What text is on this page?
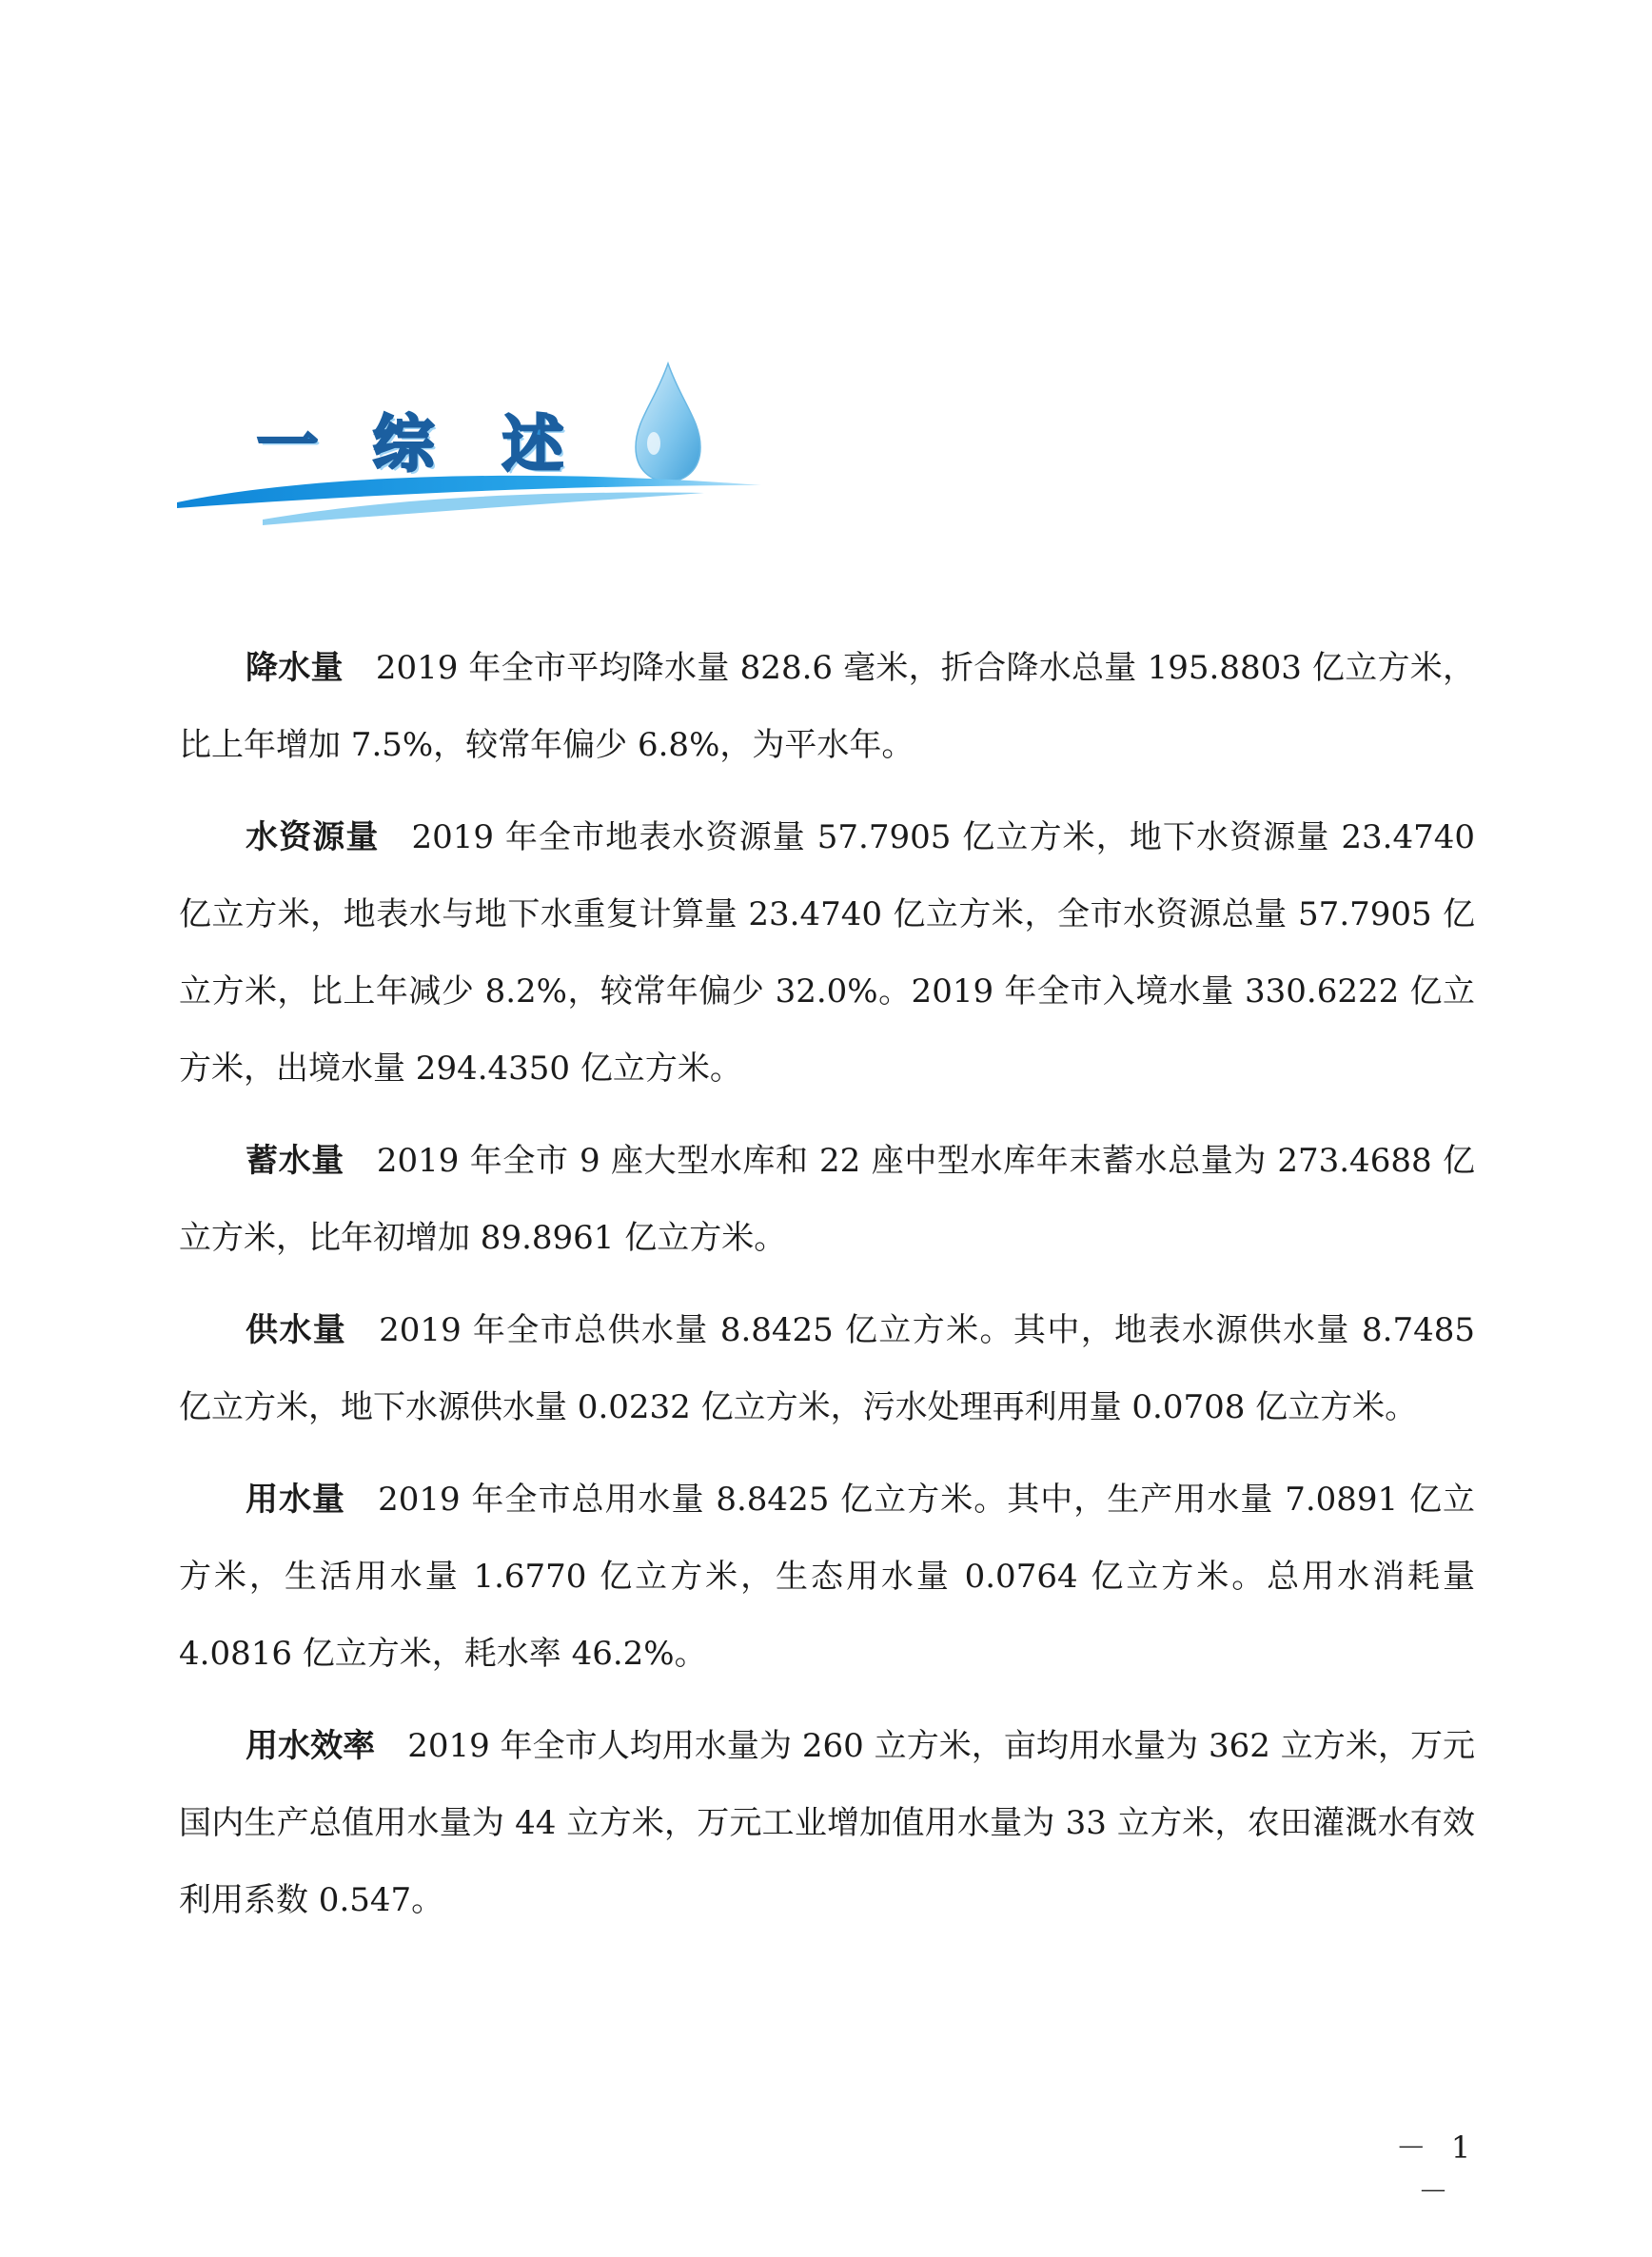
一 综 述

降水量 2019 年全市平均降水量 828.6 毫米，折合降水总量 195.8803 亿立方米，比上年增加 7.5%，较常年偏少 6.8%，为平水年。

水资源量 2019 年全市地表水资源量 57.7905 亿立方米，地下水资源量 23.4740 亿立方米，地表水与地下水重复计算量 23.4740 亿立方米，全市水资源总量 57.7905 亿立方米，比上年减少 8.2%，较常年偏少 32.0%。2019 年全市入境水量 330.6222 亿立方米，出境水量 294.4350 亿立方米。

蓄水量 2019 年全市 9 座大型水库和 22 座中型水库年末蓄水总量为 273.4688 亿立方米，比年初增加 89.8961 亿立方米。

供水量 2019 年全市总供水量 8.8425 亿立方米。其中，地表水源供水量 8.7485 亿立方米，地下水源供水量 0.0232 亿立方米，污水处理再利用量 0.0708 亿立方米。

用水量 2019 年全市总用水量 8.8425 亿立方米。其中，生产用水量 7.0891 亿立方米，生活用水量 1.6770 亿立方米，生态用水量 0.0764 亿立方米。总用水消耗量 4.0816 亿立方米，耗水率 46.2%。

用水效率 2019 年全市人均用水量为 260 立方米，亩均用水量为 362 立方米，万元国内生产总值用水量为 44 立方米，万元工业增加值用水量为 33 立方米，农田灌溉水有效利用系数 0.547。

－ 1 －
